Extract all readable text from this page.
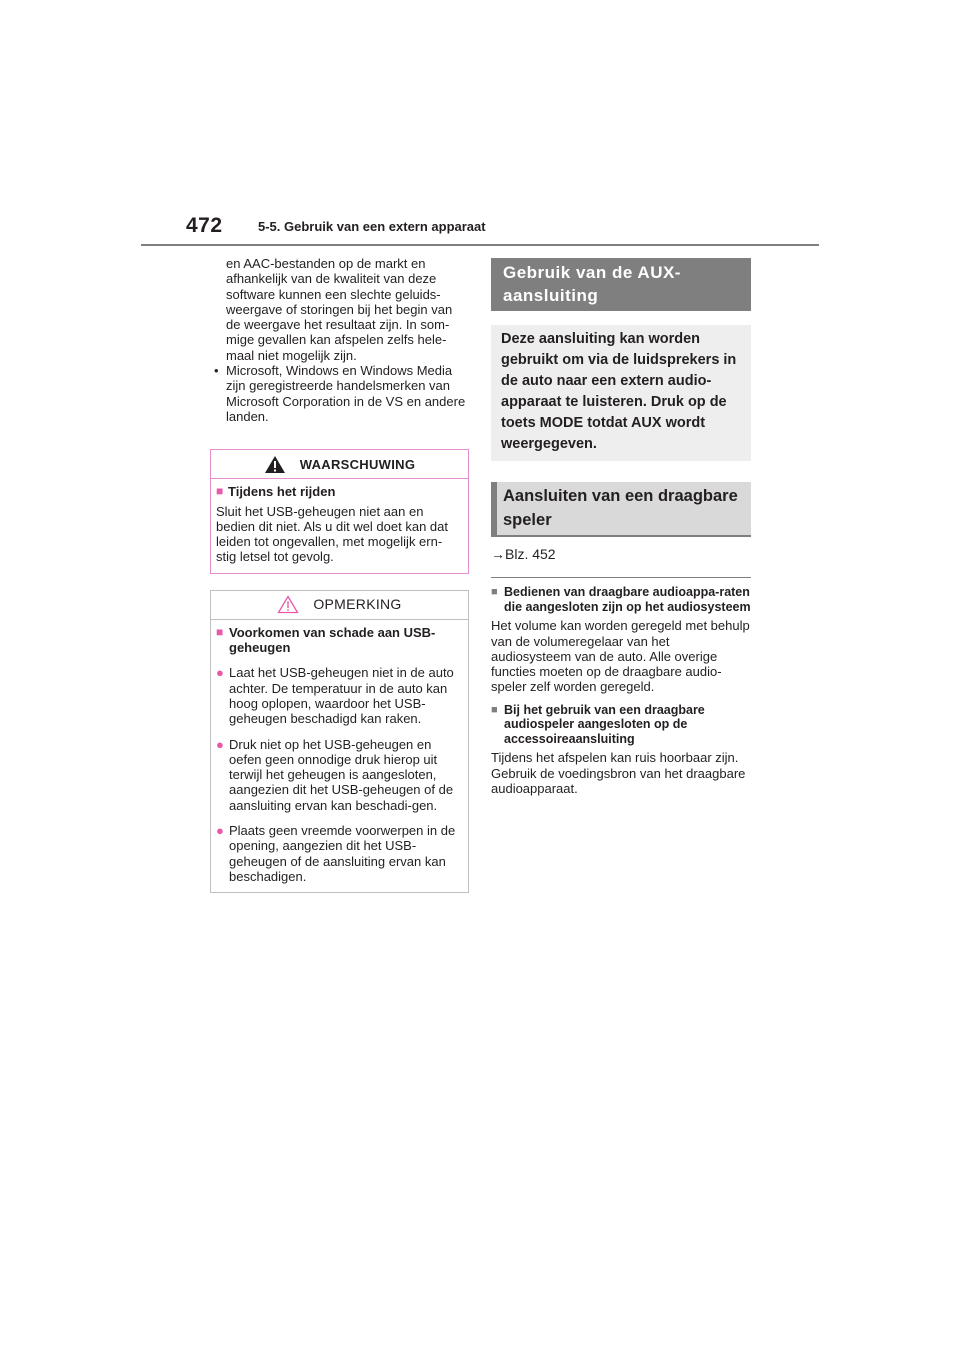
472	5-5. Gebruik van een extern apparaat

en AAC-bestanden op de markt en afhankelijk van de kwaliteit van deze software kunnen een slechte geluids-weergave of storingen bij het begin van de weergave het resultaat zijn. In som-mige gevallen kan afspelen zelfs hele-maal niet mogelijk zijn.

• Microsoft, Windows en Windows Media zijn geregistreerde handelsmerken van Microsoft Corporation in de VS en andere landen.
WAARSCHUWING
■ Tijdens het rijden

Sluit het USB-geheugen niet aan en bedien dit niet. Als u dit wel doet kan dat leiden tot ongevallen, met mogelijk ern-stig letsel tot gevolg.

OPMERKING
■ Voorkomen van schade aan USB-geheugen
● Laat het USB-geheugen niet in de auto achter. De temperatuur in de auto kan hoog oplopen, waardoor het USB-geheugen beschadigd kan raken.
● Druk niet op het USB-geheugen en oefen geen onnodige druk hierop uit terwijl het geheugen is aangesloten, aangezien dit het USB-geheugen of de aansluiting ervan kan beschadi-gen.
● Plaats geen vreemde voorwerpen in de opening, aangezien dit het USB-geheugen of de aansluiting ervan kan beschadigen.
Gebruik van de AUX-aansluiting
Deze aansluiting kan worden gebruikt om via de luidsprekers in de auto naar een extern audio-apparaat te luisteren. Druk op de toets MODE totdat AUX wordt weergegeven.
Aansluiten van een draagbare speler
→Blz. 452
■ Bedienen van draagbare audioappa-raten die aangesloten zijn op het audiosysteem

Het volume kan worden geregeld met behulp van de volumeregelaar van het audiosysteem van de auto. Alle overige functies moeten op de draagbare audio-speler zelf worden geregeld.

■ Bij het gebruik van een draagbare audiospeler aangesloten op de accessoireaansluiting

Tijdens het afspelen kan ruis hoorbaar zijn. Gebruik de voedingsbron van het draagbare audioapparaat.
